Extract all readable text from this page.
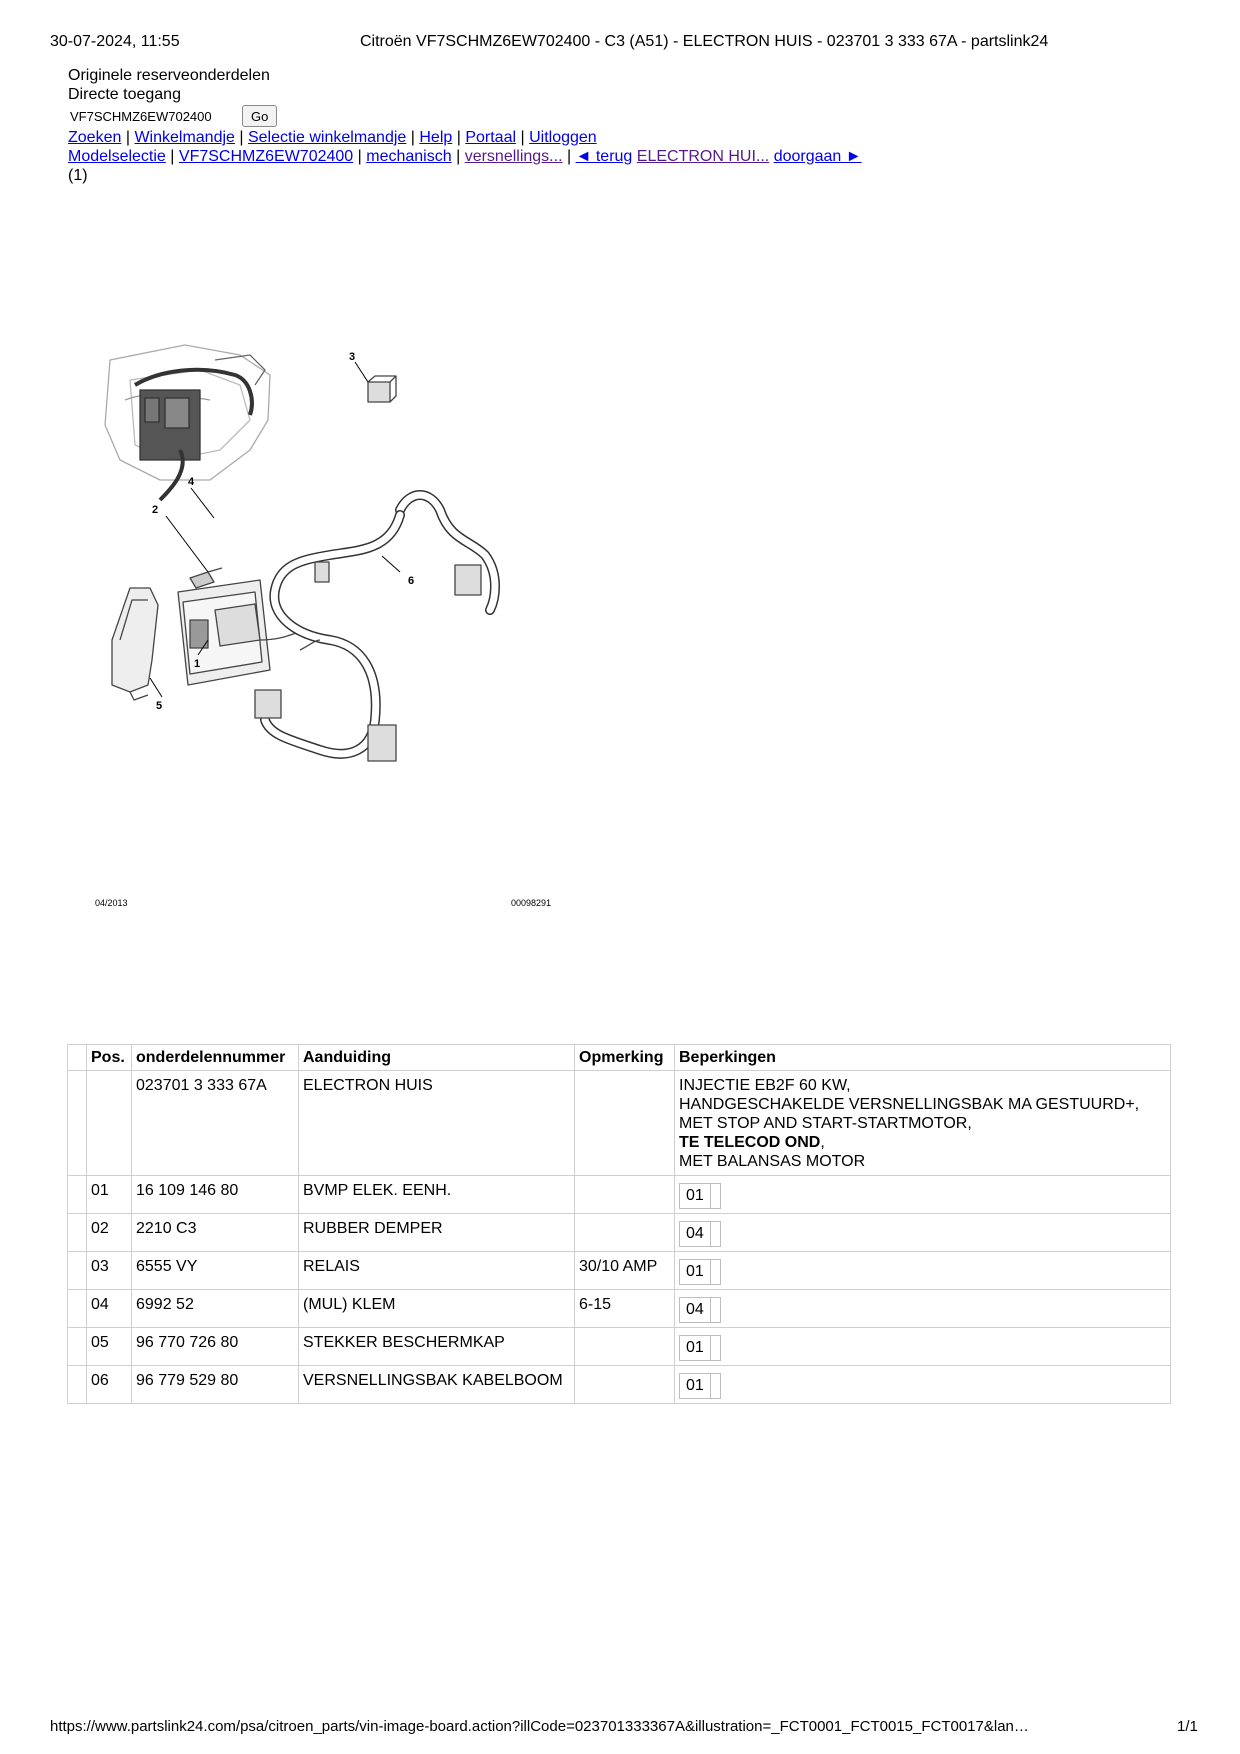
30-07-2024, 11:55	Citroën VF7SCHMZ6EW702400 - C3 (A51) - ELECTRON HUIS - 023701 3 333 67A - partslink24
Originele reserveonderdelen
Directe toegang
VF7SCHMZ6EW702400
Go
Zoeken | Winkelmandje | Selectie winkelmandje | Help | Portaal | Uitloggen
Modelselectie | VF7SCHMZ6EW702400 | mechanisch | versnellings... | ◄ terug ELECTRON HUI... doorgaan ►
(1)
3
2
4
1
5
6
04/2013	00098291
	Pos.	onderdelennummer	Aanduiding	Opmerking	Beperkingen
		023701 3 333 67A	ELECTRON HUIS		INJECTIE EB2F 60 KW,
HANDGESCHAKELDE VERSNELLINGSBAK MA GESTUURD+,
MET STOP AND START-STARTMOTOR,
TE TELECOD OND,
MET BALANSAS MOTOR

	01	16 109 146 80	BVMP ELEK. EENH.		01
	02	2210 C3	RUBBER DEMPER		04
	03	6555 VY	RELAIS	30/10 AMP	01
	04	6992 52	(MUL) KLEM	6-15	04
	05	96 770 726 80	STEKKER BESCHERMKAP		01
	06	96 779 529 80	VERSNELLINGSBAK KABELBOOM		01
https://www.partslink24.com/psa/citroen_parts/vin-image-board.action?illCode=023701333367A&illustration=_FCT0001_FCT0015_FCT0017&lan…	1/1
